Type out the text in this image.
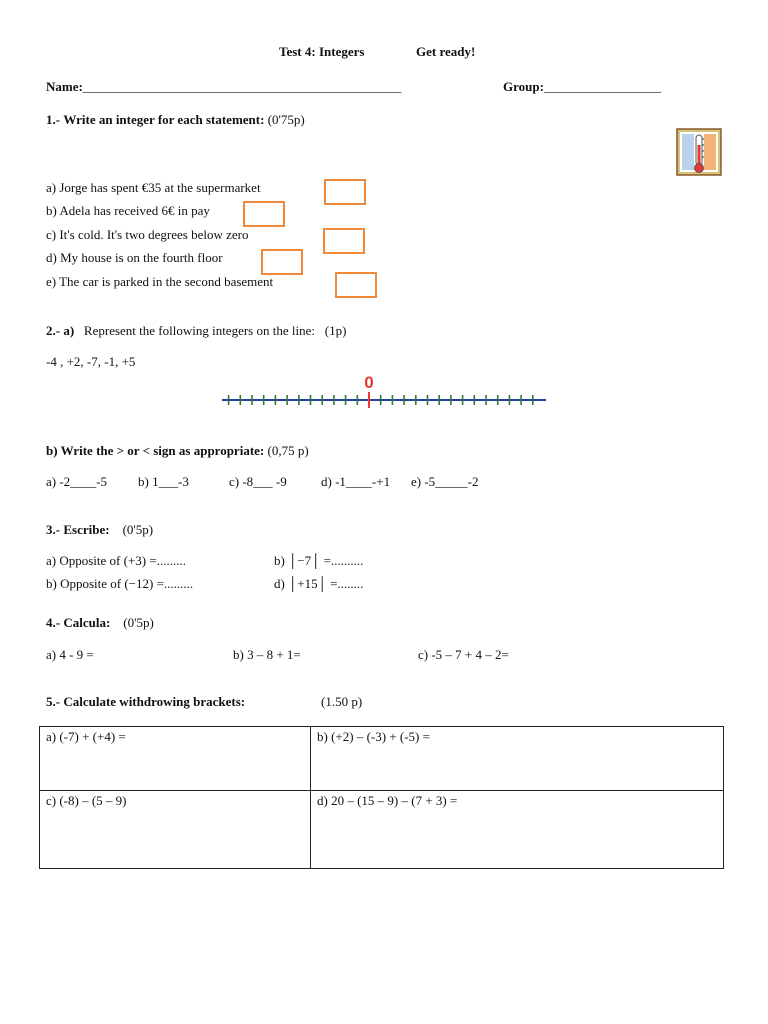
Test 4: Integers	Get ready!
Name:_________________________________________________	Group:__________________
1.- Write an integer for each statement: (0'75p)
a) Jorge has spent €35 at the supermarket
b) Adela has received 6€ in pay
c) It's cold. It's two degrees below zero
d) My house is on the fourth floor
e) The car is parked in the second basement
2.- a) Represent the following integers on the line: (1p)
-4 , +2, -7, -1, +5
0
b) Write the > or < sign as appropriate: (0,75 p)
a) -2____-5 b) 1___-3	c) -8___ -9	d) -1____-+1 e) -5_____-2
3.- Escribe: (0'5p)
a) Opposite of (+3) =.........	b) │−7│ =..........
b) Opposite of (−12) =.........	d) │+15│ =........
4.- Calcula: (0'5p)
a) 4 - 9 =	b) 3 – 8 + 1=	c) -5 – 7 + 4 – 2=
5.- Calculate withdrowing brackets:	(1.50 p)
a) (-7) + (+4) =	b) (+2) – (-3) + (-5) =
c) (-8) – (5 – 9)	d) 20 – (15 – 9) – (7 + 3) =
